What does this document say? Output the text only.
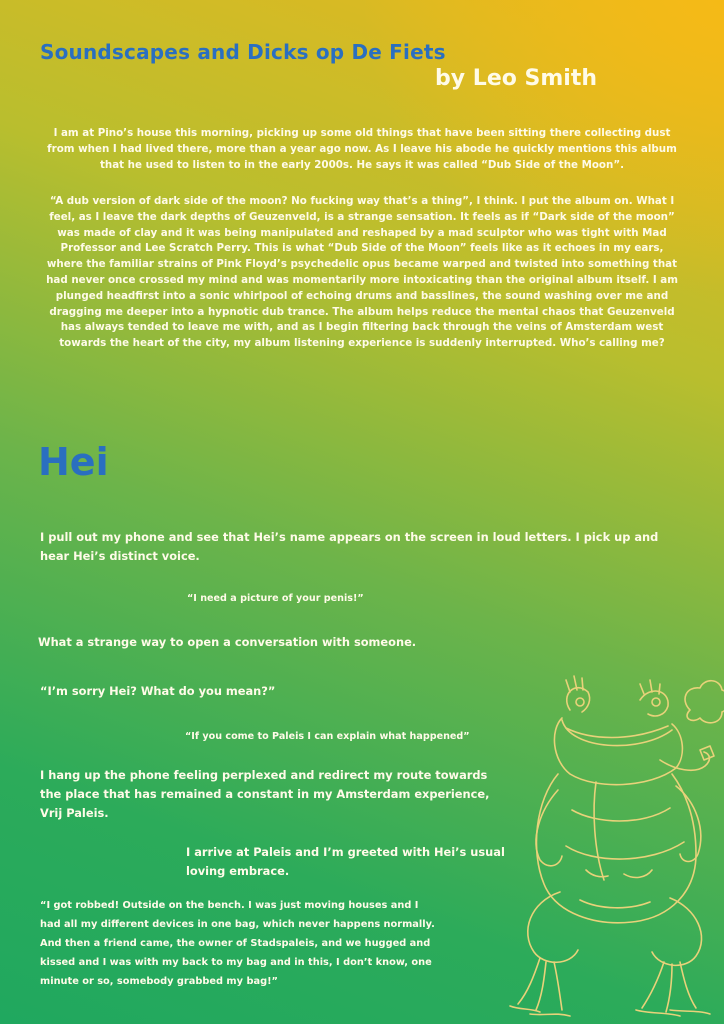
Soundscapes and Dicks op De Fiets
by Leo Smith

I am at Pino’s house this morning, picking up some old things that have been sitting there collecting dust from when I had lived there, more than a year ago now. As I leave his abode he quickly mentions this album that he used to listen to in the early 2000s. He says it was called “Dub Side of the Moon”.

“A dub version of dark side of the moon? No fucking way that’s a thing”, I think. I put the album on. What I feel, as I leave the dark depths of Geuzenveld, is a strange sensation. It feels as if “Dark side of the moon” was made of clay and it was being manipulated and reshaped by a mad sculptor who was tight with Mad Professor and Lee Scratch Perry. This is what “Dub Side of the Moon” feels like as it echoes in my ears, where the familiar strains of Pink Floyd’s psychedelic opus became warped and twisted into something that had never once crossed my mind and was momentarily more intoxicating than the original album itself. I am plunged headfirst into a sonic whirlpool of echoing drums and basslines, the sound washing over me and dragging me deeper into a hypnotic dub trance. The album helps reduce the mental chaos that Geuzenveld has always tended to leave me with, and as I begin filtering back through the veins of Amsterdam west towards the heart of the city, my album listening experience is suddenly interrupted. Who’s calling me?

Hei

I pull out my phone and see that Hei’s name appears on the screen in loud letters. I pick up and hear Hei’s distinct voice.

“I need a picture of your penis!”

What a strange way to open a conversation with someone.

“I’m sorry Hei? What do you mean?”

“If you come to Paleis I can explain what happened”

I hang up the phone feeling perplexed and redirect my route towards the place that has remained a constant in my Amsterdam experience, Vrij Paleis.

I arrive at Paleis and I’m greeted with Hei’s usual loving embrace.

“I got robbed! Outside on the bench. I was just moving houses and I had all my different devices in one bag, which never happens normally. And then a friend came, the owner of Stadspaleis, and we hugged and kissed and I was with my back to my bag and in this, I don’t know, one minute or so, somebody grabbed my bag!”
